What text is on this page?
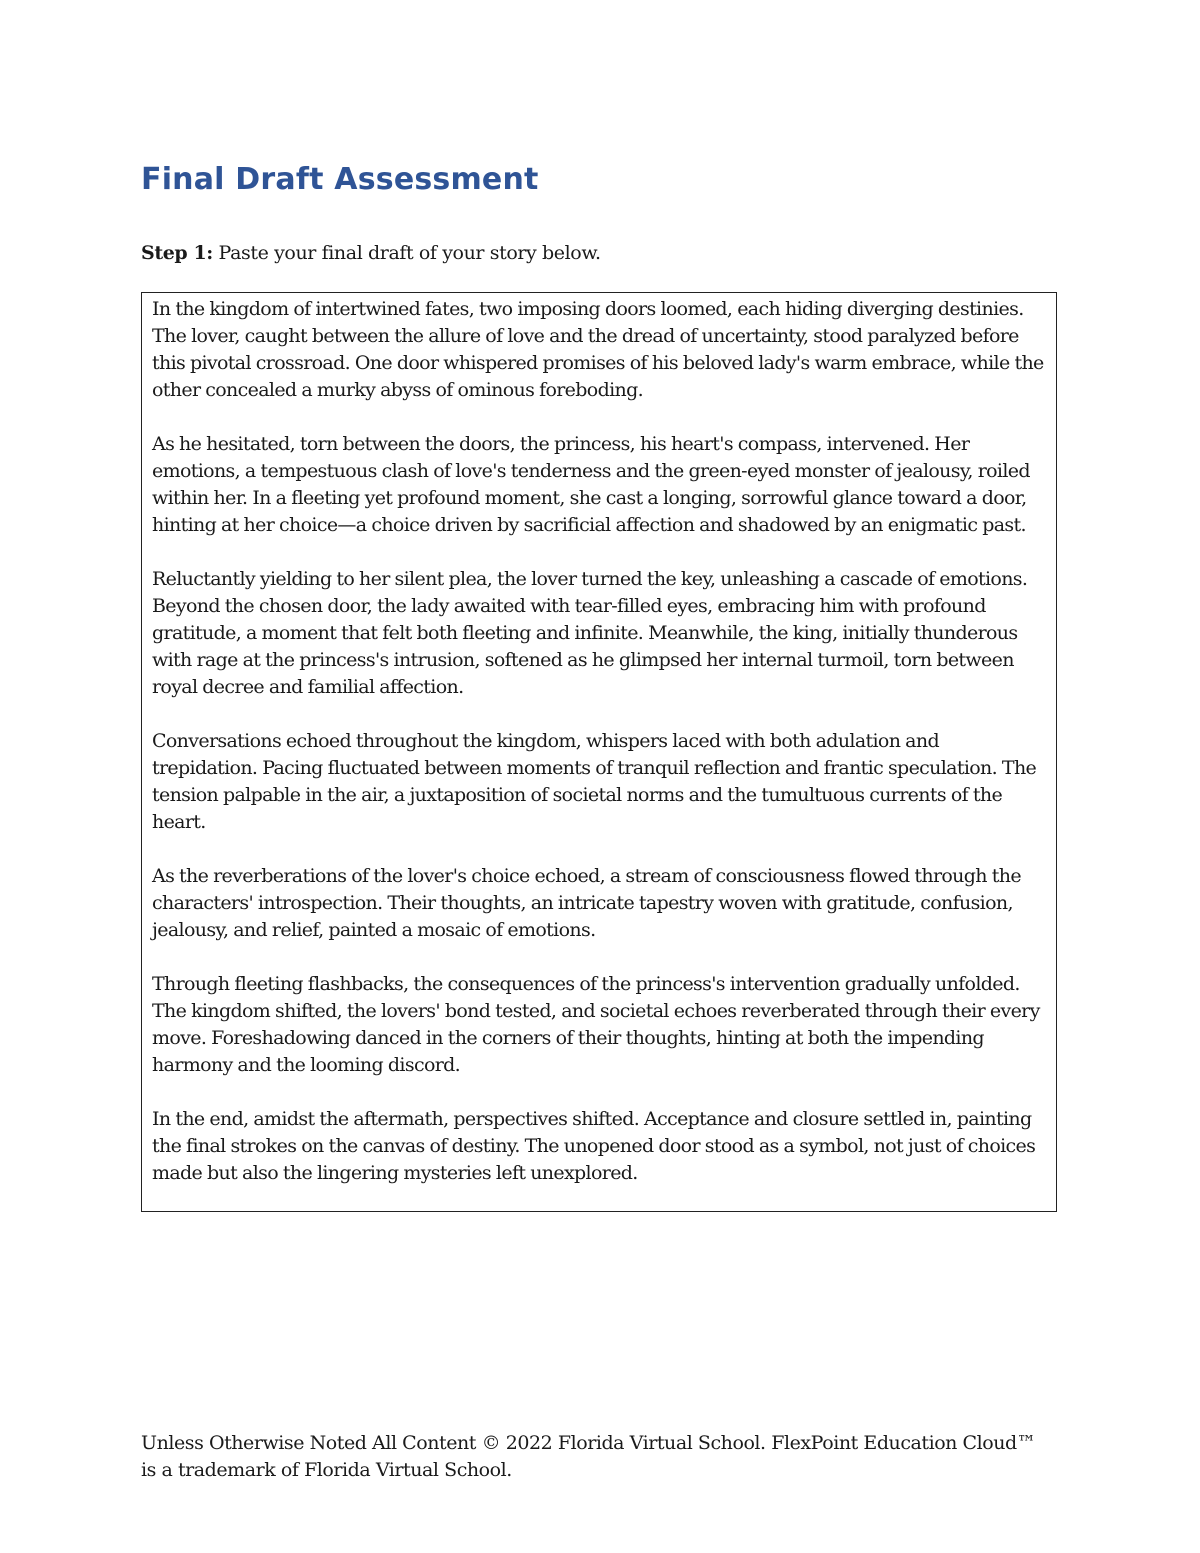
Final Draft Assessment

Step 1: Paste your final draft of your story below.

In the kingdom of intertwined fates, two imposing doors loomed, each hiding diverging destinies. The lover, caught between the allure of love and the dread of uncertainty, stood paralyzed before this pivotal crossroad. One door whispered promises of his beloved lady's warm embrace, while the other concealed a murky abyss of ominous foreboding.

As he hesitated, torn between the doors, the princess, his heart's compass, intervened. Her emotions, a tempestuous clash of love's tenderness and the green-eyed monster of jealousy, roiled within her. In a fleeting yet profound moment, she cast a longing, sorrowful glance toward a door, hinting at her choice—a choice driven by sacrificial affection and shadowed by an enigmatic past.

Reluctantly yielding to her silent plea, the lover turned the key, unleashing a cascade of emotions. Beyond the chosen door, the lady awaited with tear-filled eyes, embracing him with profound gratitude, a moment that felt both fleeting and infinite. Meanwhile, the king, initially thunderous with rage at the princess's intrusion, softened as he glimpsed her internal turmoil, torn between royal decree and familial affection.

Conversations echoed throughout the kingdom, whispers laced with both adulation and trepidation. Pacing fluctuated between moments of tranquil reflection and frantic speculation. The tension palpable in the air, a juxtaposition of societal norms and the tumultuous currents of the heart.

As the reverberations of the lover's choice echoed, a stream of consciousness flowed through the characters' introspection. Their thoughts, an intricate tapestry woven with gratitude, confusion, jealousy, and relief, painted a mosaic of emotions.

Through fleeting flashbacks, the consequences of the princess's intervention gradually unfolded. The kingdom shifted, the lovers' bond tested, and societal echoes reverberated through their every move. Foreshadowing danced in the corners of their thoughts, hinting at both the impending harmony and the looming discord.

In the end, amidst the aftermath, perspectives shifted. Acceptance and closure settled in, painting the final strokes on the canvas of destiny. The unopened door stood as a symbol, not just of choices made but also the lingering mysteries left unexplored.

Unless Otherwise Noted All Content © 2022 Florida Virtual School. FlexPoint Education Cloud™ is a trademark of Florida Virtual School.
